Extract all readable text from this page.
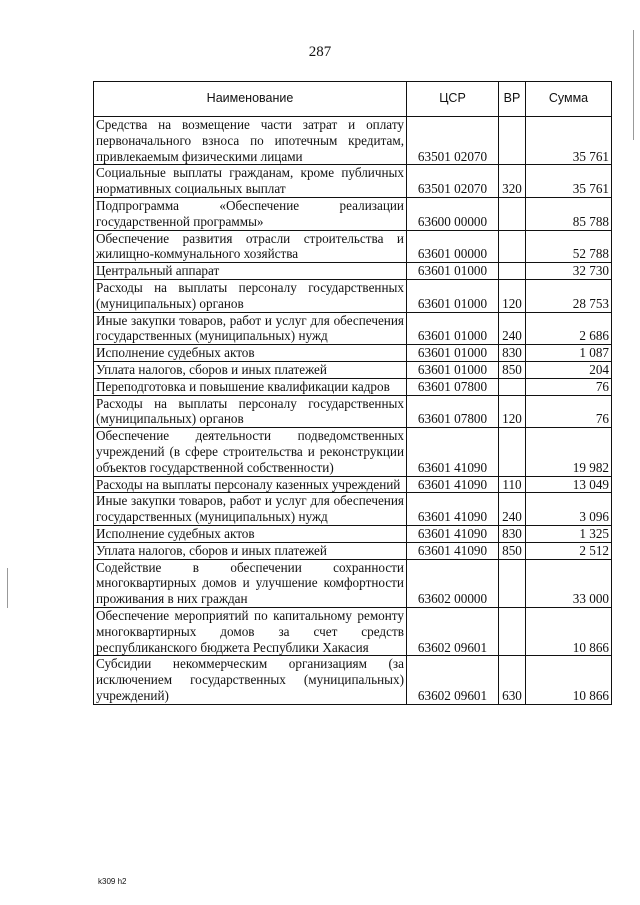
287
Наименование	ЦСР	ВР	Сумма
Средства на возмещение части затрат и оплату первоначального взноса по ипотечным кредитам, привлекаемым физическими лицами	63501 02070		35 761
Социальные выплаты гражданам, кроме публичных нормативных социальных выплат	63501 02070	320	35 761
Подпрограмма «Обеспечение реализации государственной программы»	63600 00000		85 788
Обеспечение развития отрасли строительства и жилищно-коммунального хозяйства	63601 00000		52 788
Центральный аппарат	63601 01000		32 730
Расходы на выплаты персоналу государственных (муниципальных) органов	63601 01000	120	28 753
Иные закупки товаров, работ и услуг для обеспечения государственных (муниципальных) нужд	63601 01000	240	2 686
Исполнение судебных актов	63601 01000	830	1 087
Уплата налогов, сборов и иных платежей	63601 01000	850	204
Переподготовка и повышение квалификации кадров	63601 07800		76
Расходы на выплаты персоналу государственных (муниципальных) органов	63601 07800	120	76
Обеспечение деятельности подведомственных учреждений (в сфере строительства и реконструкции объектов государственной собственности)	63601 41090		19 982
Расходы на выплаты персоналу казенных учреждений	63601 41090	110	13 049
Иные закупки товаров, работ и услуг для обеспечения государственных (муниципальных) нужд	63601 41090	240	3 096
Исполнение судебных актов	63601 41090	830	1 325
Уплата налогов, сборов и иных платежей	63601 41090	850	2 512
Содействие в обеспечении сохранности многоквартирных домов и улучшение комфортности проживания в них граждан	63602 00000		33 000
Обеспечение мероприятий по капитальному ремонту многоквартирных домов за счет средств республиканского бюджета Республики Хакасия	63602 09601		10 866
Субсидии некоммерческим организациям (за исключением государственных (муниципальных) учреждений)	63602 09601	630	10 866
k309 h2
